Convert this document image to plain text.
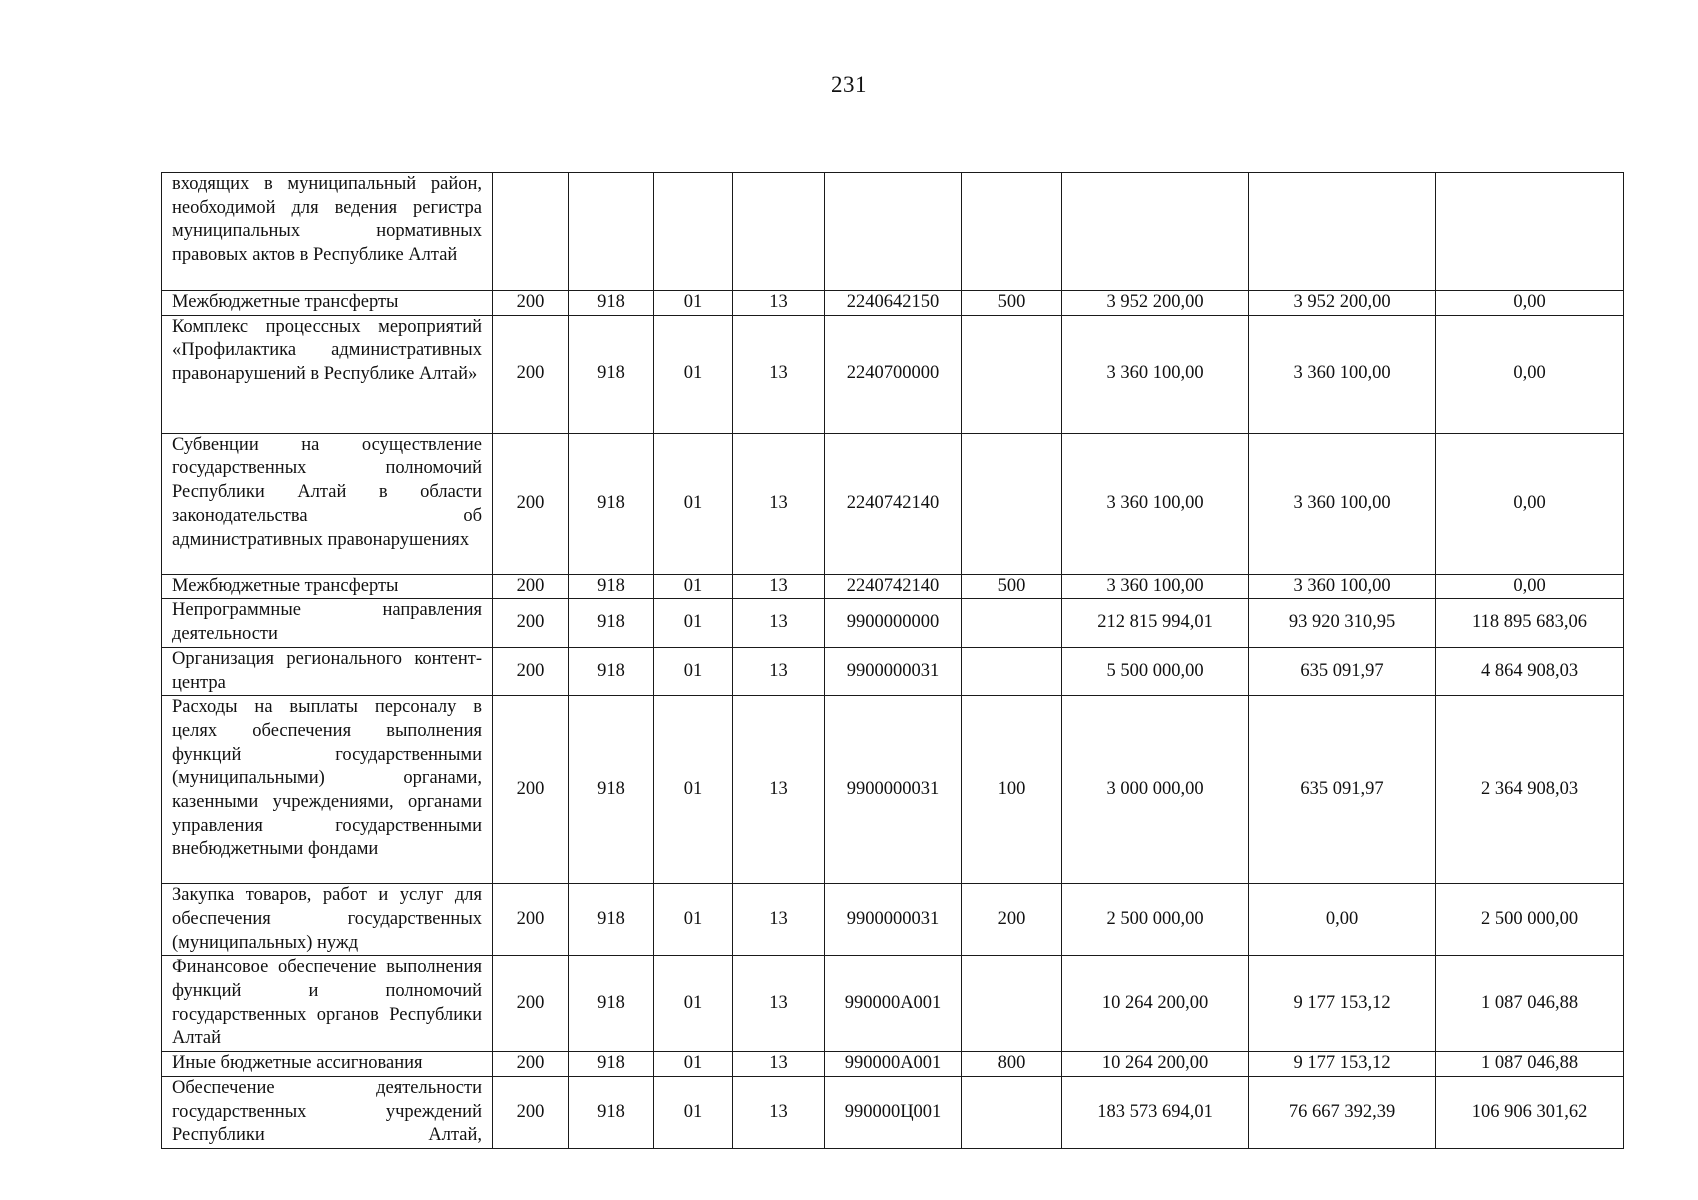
231
входящих в муниципальный район, необходимой для ведения регистра муниципальных нормативных правовых актов в Республике Алтай									
Межбюджетные трансферты	200	918	01	13	2240642150	500	3 952 200,00	3 952 200,00	0,00
Комплекс процессных мероприятий «Профилактика административных правонарушений в Республике Алтай»	200	918	01	13	2240700000		3 360 100,00	3 360 100,00	0,00
Субвенции на осуществление государственных полномочий Республики Алтай в области законодательства об административных правонарушениях	200	918	01	13	2240742140		3 360 100,00	3 360 100,00	0,00
Межбюджетные трансферты	200	918	01	13	2240742140	500	3 360 100,00	3 360 100,00	0,00
Непрограммные направления деятельности	200	918	01	13	9900000000		212 815 994,01	93 920 310,95	118 895 683,06
Организация регионального контент-центра	200	918	01	13	9900000031		5 500 000,00	635 091,97	4 864 908,03
Расходы на выплаты персоналу в целях обеспечения выполнения функций государственными (муниципальными) органами, казенными учреждениями, органами управления государственными внебюджетными фондами	200	918	01	13	9900000031	100	3 000 000,00	635 091,97	2 364 908,03
Закупка товаров, работ и услуг для обеспечения государственных (муниципальных) нужд	200	918	01	13	9900000031	200	2 500 000,00	0,00	2 500 000,00
Финансовое обеспечение выполнения функций и полномочий государственных органов Республики Алтай	200	918	01	13	990000А001		10 264 200,00	9 177 153,12	1 087 046,88
Иные бюджетные ассигнования	200	918	01	13	990000А001	800	10 264 200,00	9 177 153,12	1 087 046,88
Обеспечение деятельности государственных учреждений Республики Алтай,	200	918	01	13	990000Ц001		183 573 694,01	76 667 392,39	106 906 301,62
